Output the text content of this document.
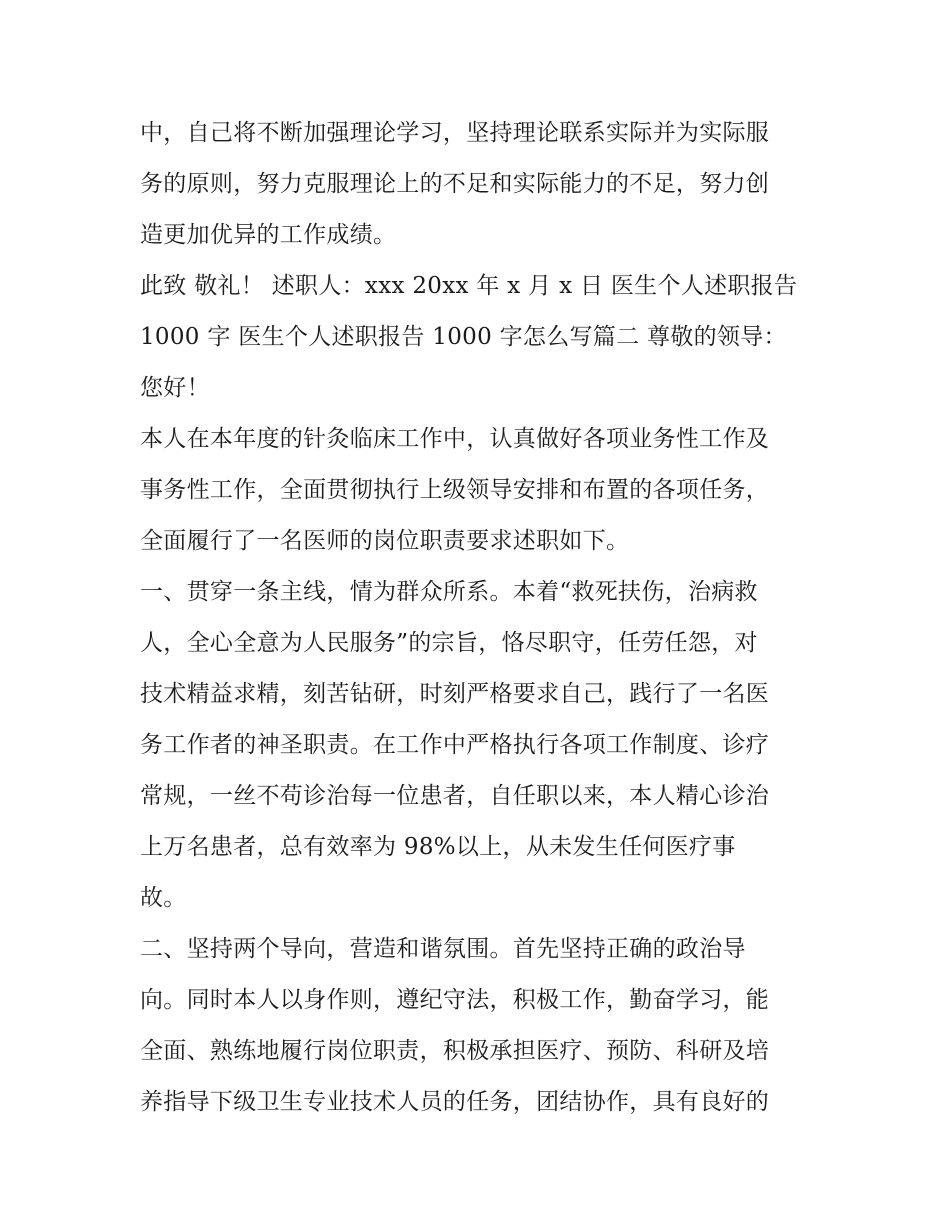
中，自己将不断加强理论学习，坚持理论联系实际并为实际服
务的原则，努力克服理论上的不足和实际能力的不足，努力创
造更加优异的工作成绩。
此致 敬礼！ 述职人：xxx 20xx 年 x 月 x 日 医生个人述职报告
1000 字 医生个人述职报告 1000 字怎么写篇二 尊敬的领导：
您好！
本人在本年度的针灸临床工作中，认真做好各项业务性工作及
事务性工作，全面贯彻执行上级领导安排和布置的各项任务，
全面履行了一名医师的岗位职责要求述职如下。
一、贯穿一条主线，情为群众所系。本着“救死扶伤，治病救
人，全心全意为人民服务”的宗旨，恪尽职守，任劳任怨，对
技术精益求精，刻苦钻研，时刻严格要求自己，践行了一名医
务工作者的神圣职责。在工作中严格执行各项工作制度、诊疗
常规，一丝不苟诊治每一位患者，自任职以来，本人精心诊治
上万名患者，总有效率为 98%以上，从未发生任何医疗事
故。
二、坚持两个导向，营造和谐氛围。首先坚持正确的政治导
向。同时本人以身作则，遵纪守法，积极工作，勤奋学习，能
全面、熟练地履行岗位职责，积极承担医疗、预防、科研及培
养指导下级卫生专业技术人员的任务，团结协作，具有良好的
